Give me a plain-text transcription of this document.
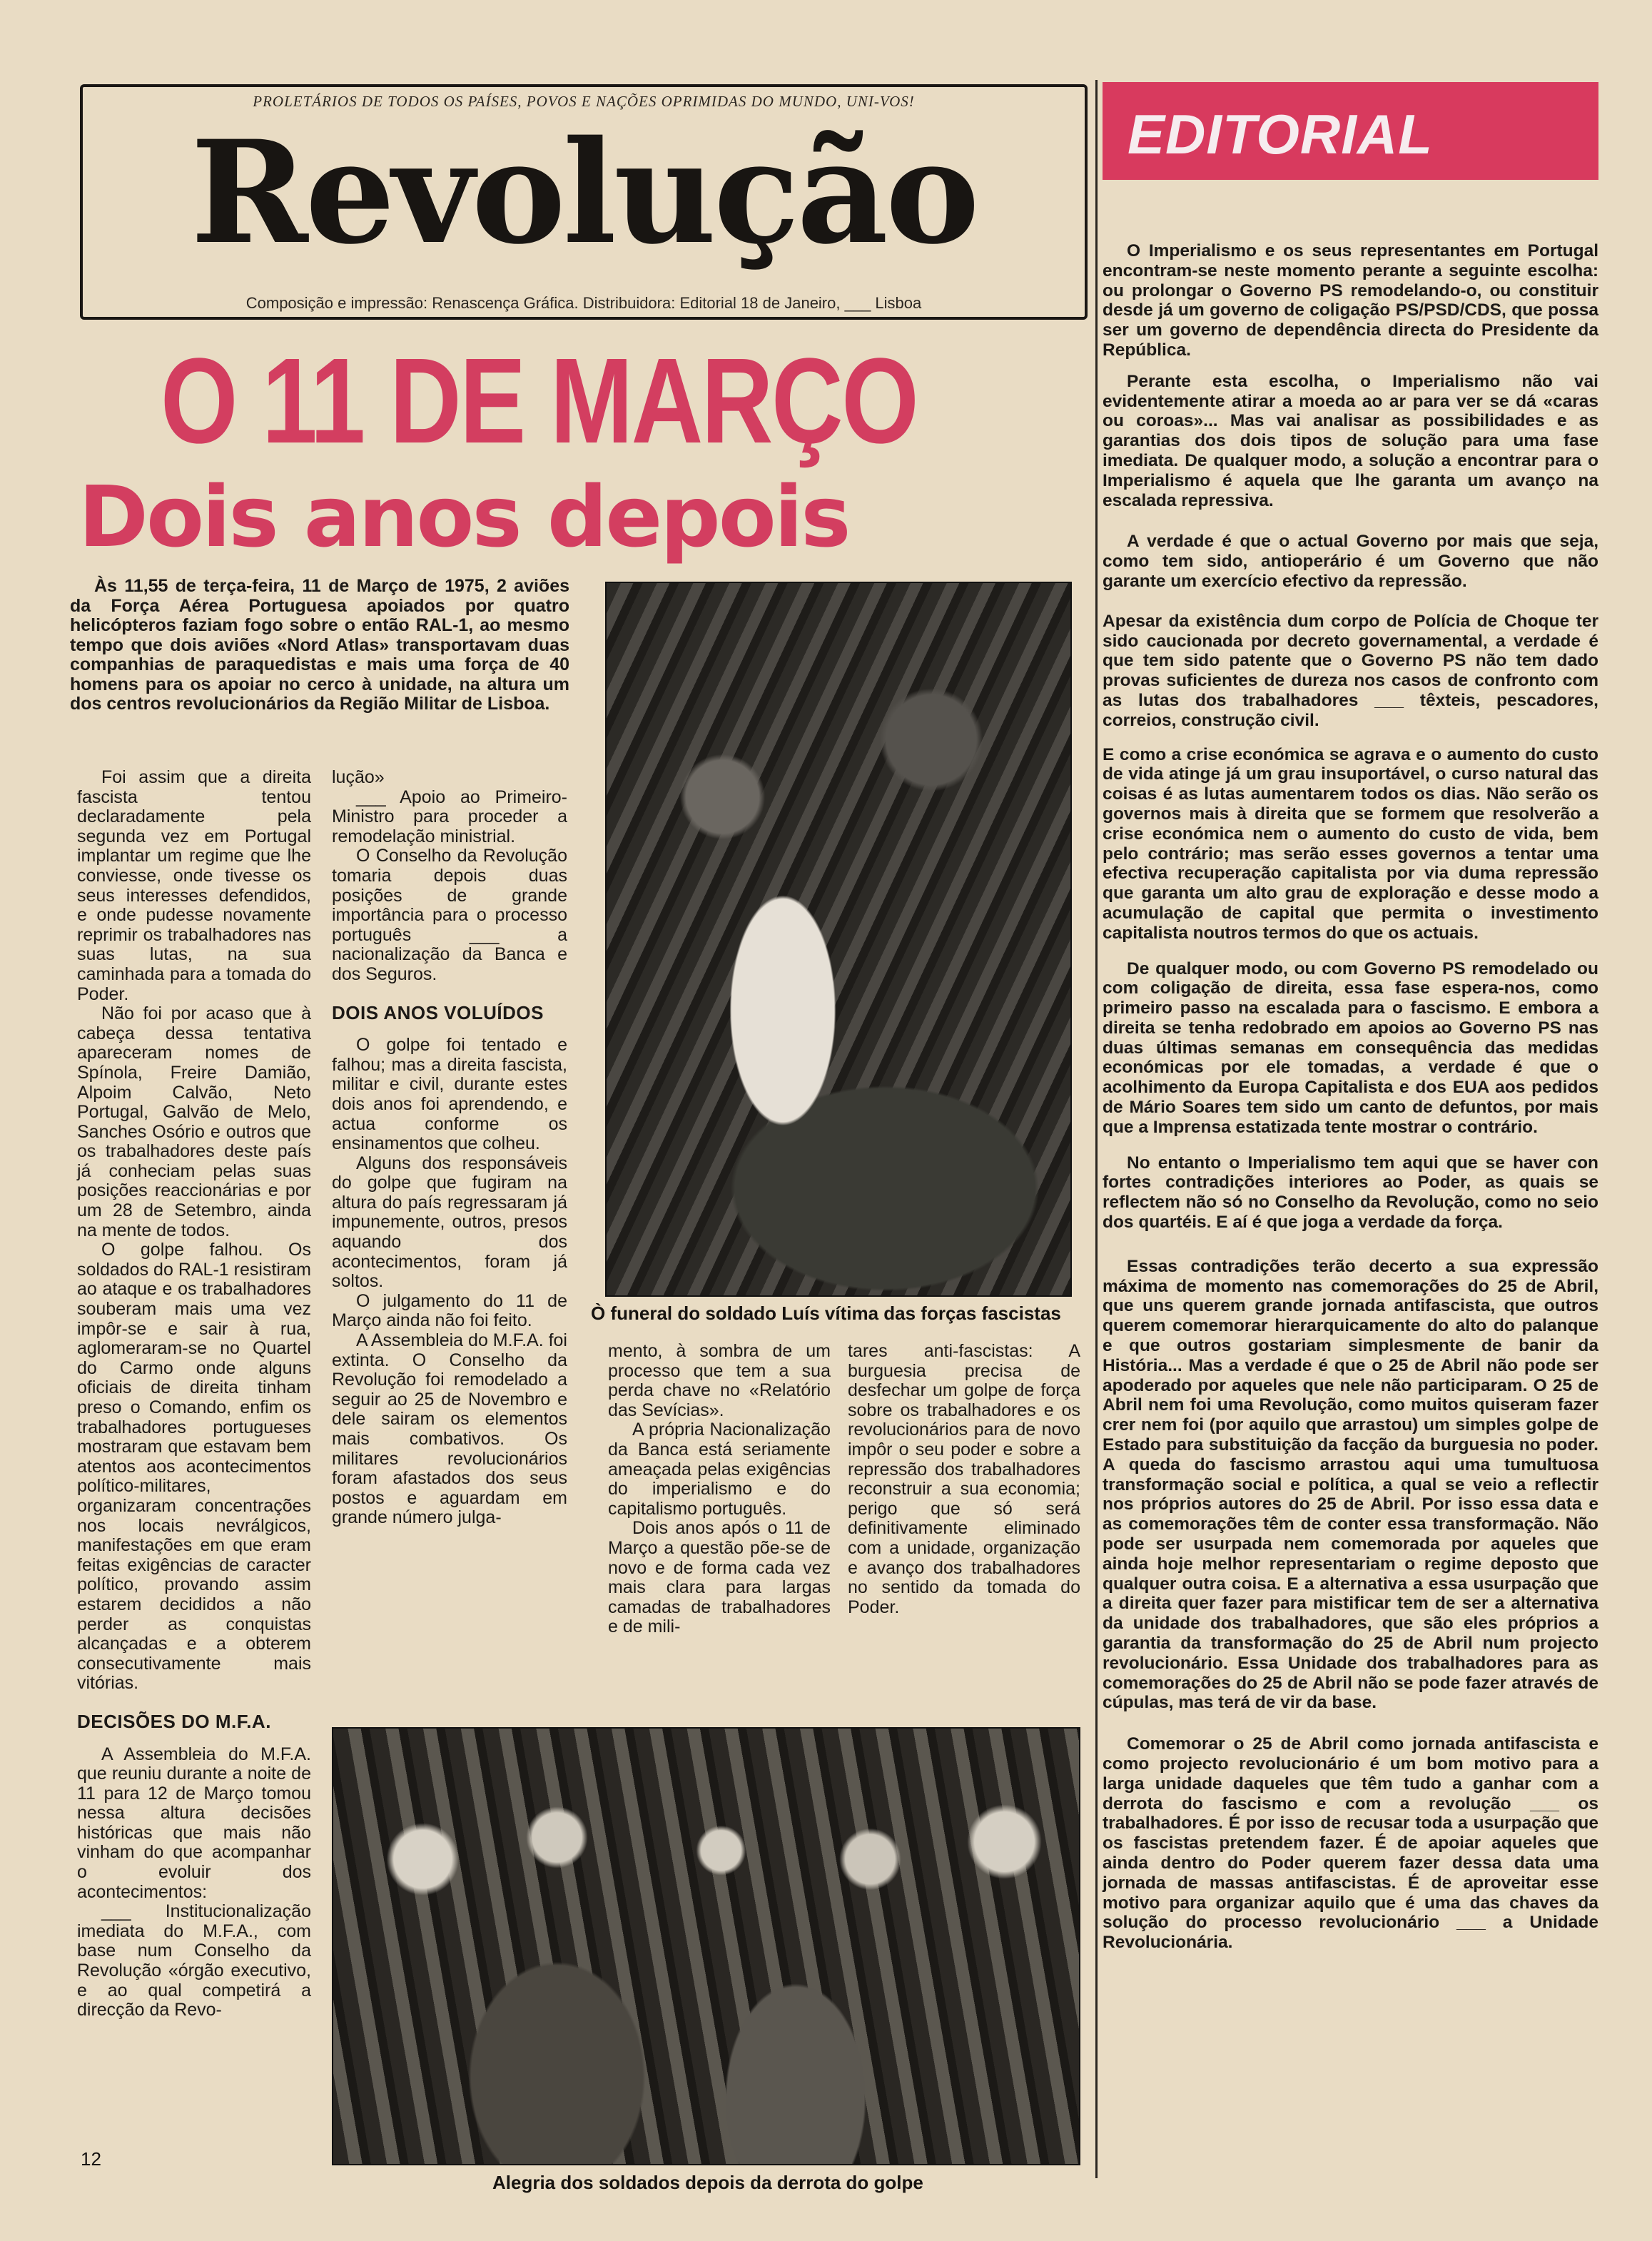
PROLETÁRIOS DE TODOS OS PAÍSES, POVOS E NAÇÕES OPRIMIDAS DO MUNDO, UNI-VOS!
Revolução
Composição e impressão: Renascença Gráfica. Distribuidora: Editorial 18 de Janeiro, ___ Lisboa
EDITORIAL
O 11 DE MARÇO
Dois anos depois

Às 11,55 de terça-feira, 11 de Março de 1975, 2 aviões da Força Aérea Portuguesa apoiados por quatro helicópteros faziam fogo sobre o então RAL-1, ao mesmo tempo que dois aviões «Nord Atlas» transportavam duas companhias de paraquedistas e mais uma força de 40 homens para os apoiar no cerco à unidade, na altura um dos centros revolucionários da Região Militar de Lisboa.

Foi assim que a direita fascista tentou declaradamente pela segunda vez em Portugal implantar um regime que lhe conviesse, onde tivesse os seus interesses defendidos, e onde pudesse novamente reprimir os trabalhadores nas suas lutas, na sua caminhada para a tomada do Poder.

Não foi por acaso que à cabeça dessa tentativa apareceram nomes de Spínola, Freire Damião, Alpoim Calvão, Neto Portugal, Galvão de Melo, Sanches Osório e outros que os trabalhadores deste país já conheciam pelas suas posições reaccionárias e por um 28 de Setembro, ainda na mente de todos.

O golpe falhou. Os soldados do RAL-1 resistiram ao ataque e os trabalhadores souberam mais uma vez impôr-se e sair à rua, aglomeraram-se no Quartel do Carmo onde alguns oficiais de direita tinham preso o Comando, enfim os trabalhadores portugueses mostraram que estavam bem atentos aos acontecimentos político-militares, organizaram concentrações nos locais nevrálgicos, manifestações em que eram feitas exigências de caracter político, provando assim estarem decididos a não perder as conquistas alcançadas e a obterem consecutivamente mais vitórias.

DECISÕES DO M.F.A.

A Assembleia do M.F.A. que reuniu durante a noite de 11 para 12 de Março tomou nessa altura decisões históricas que mais não vinham do que acompanhar o evoluir dos acontecimentos:

___ Institucionalização imediata do M.F.A., com base num Conselho da Revolução «órgão executivo, e ao qual competirá a direcção da Revo-

12

lução»

___ Apoio ao Primeiro-Ministro para proceder a remodelação ministrial.

O Conselho da Revolução tomaria depois duas posições de grande importância para o processo português ___ a nacionalização da Banca e dos Seguros.

DOIS ANOS VOLUÍDOS

O golpe foi tentado e falhou; mas a direita fascista, militar e civil, durante estes dois anos foi aprendendo, e actua conforme os ensinamentos que colheu.

Alguns dos responsáveis do golpe que fugiram na altura do país regressaram já impunemente, outros, presos aquando dos acontecimentos, foram já soltos.

O julgamento do 11 de Março ainda não foi feito.

A Assembleia do M.F.A. foi extinta. O Conselho da Revolução foi remodelado a seguir ao 25 de Novembro e dele sairam os elementos mais combativos. Os militares revolucionários foram afastados dos seus postos e aguardam em grande número julga-

Ò funeral do soldado Luís vítima das forças fascistas

mento, à sombra de um processo que tem a sua perda chave no «Relatório das Sevícias».

A própria Nacionalização da Banca está seriamente ameaçada pelas exigências do imperialismo e do capitalismo português.

Dois anos após o 11 de Março a questão põe-se de novo e de forma cada vez mais clara para largas camadas de trabalhadores e de mili-

tares anti-fascistas: A burguesia precisa de desfechar um golpe de força sobre os trabalhadores e os revolucionários para de novo impôr o seu poder e sobre a repressão dos trabalhadores reconstruir a sua economia; perigo que só será definitivamente eliminado com a unidade, organização e avanço dos trabalhadores no sentido da tomada do Poder.

Alegria dos soldados depois da derrota do golpe

O Imperialismo e os seus representantes em Portugal encontram-se neste momento perante a seguinte escolha: ou prolongar o Governo PS remodelando-o, ou constituir desde já um governo de coligação PS/PSD/CDS, que possa ser um governo de dependência directa do Presidente da República.

Perante esta escolha, o Imperialismo não vai evidentemente atirar a moeda ao ar para ver se dá «caras ou coroas»... Mas vai analisar as possibilidades e as garantias dos dois tipos de solução para uma fase imediata. De qualquer modo, a solução a encontrar para o Imperialismo é aquela que lhe garanta um avanço na escalada repressiva.

A verdade é que o actual Governo por mais que seja, como tem sido, antioperário é um Governo que não garante um exercício efectivo da repressão.

Apesar da existência dum corpo de Polícia de Choque ter sido caucionada por decreto governamental, a verdade é que tem sido patente que o Governo PS não tem dado provas suficientes de dureza nos casos de confronto com as lutas dos trabalhadores ___ têxteis, pescadores, correios, construção civil.

E como a crise económica se agrava e o aumento do custo de vida atinge já um grau insuportável, o curso natural das coisas é as lutas aumentarem todos os dias. Não serão os governos mais à direita que se formem que resolverão a crise económica nem o aumento do custo de vida, bem pelo contrário; mas serão esses governos a tentar uma efectiva recuperação capitalista por via duma repressão que garanta um alto grau de exploração e desse modo a acumulação de capital que permita o investimento capitalista noutros termos do que os actuais.

De qualquer modo, ou com Governo PS remodelado ou com coligação de direita, essa fase espera-nos, como primeiro passo na escalada para o fascismo. E embora a direita se tenha redobrado em apoios ao Governo PS nas duas últimas semanas em consequência das medidas económicas por ele tomadas, a verdade é que o acolhimento da Europa Capitalista e dos EUA aos pedidos de Mário Soares tem sido um canto de defuntos, por mais que a Imprensa estatizada tente mostrar o contrário.

No entanto o Imperialismo tem aqui que se haver con fortes contradições interiores ao Poder, as quais se reflectem não só no Conselho da Revolução, como no seio dos quartéis. E aí é que joga a verdade da força.

Essas contradições terão decerto a sua expressão máxima de momento nas comemorações do 25 de Abril, que uns querem grande jornada antifascista, que outros querem comemorar hierarquicamente do alto do palanque e que outros gostariam simplesmente de banir da História... Mas a verdade é que o 25 de Abril não pode ser apoderado por aqueles que nele não participaram. O 25 de Abril nem foi uma Revolução, como muitos quiseram fazer crer nem foi (por aquilo que arrastou) um simples golpe de Estado para substituição da facção da burguesia no poder. A queda do fascismo arrastou aqui uma tumultuosa transformação social e política, a qual se veio a reflectir nos próprios autores do 25 de Abril. Por isso essa data e as comemorações têm de conter essa transformação. Não pode ser usurpada nem comemorada por aqueles que ainda hoje melhor representariam o regime deposto que qualquer outra coisa. E a alternativa a essa usurpação que a direita quer fazer para mistificar tem de ser a alternativa da unidade dos trabalhadores, que são eles próprios a garantia da transformação do 25 de Abril num projecto revolucionário. Essa Unidade dos trabalhadores para as comemorações do 25 de Abril não se pode fazer através de cúpulas, mas terá de vir da base.

Comemorar o 25 de Abril como jornada antifascista e como projecto revolucionário é um bom motivo para a larga unidade daqueles que têm tudo a ganhar com a derrota do fascismo e com a revolução ___ os trabalhadores. É por isso de recusar toda a usurpação que os fascistas pretendem fazer. É de apoiar aqueles que ainda dentro do Poder querem fazer dessa data uma jornada de massas antifascistas. É de aproveitar esse motivo para organizar aquilo que é uma das chaves da solução do processo revolucionário ___ a Unidade Revolucionária.
